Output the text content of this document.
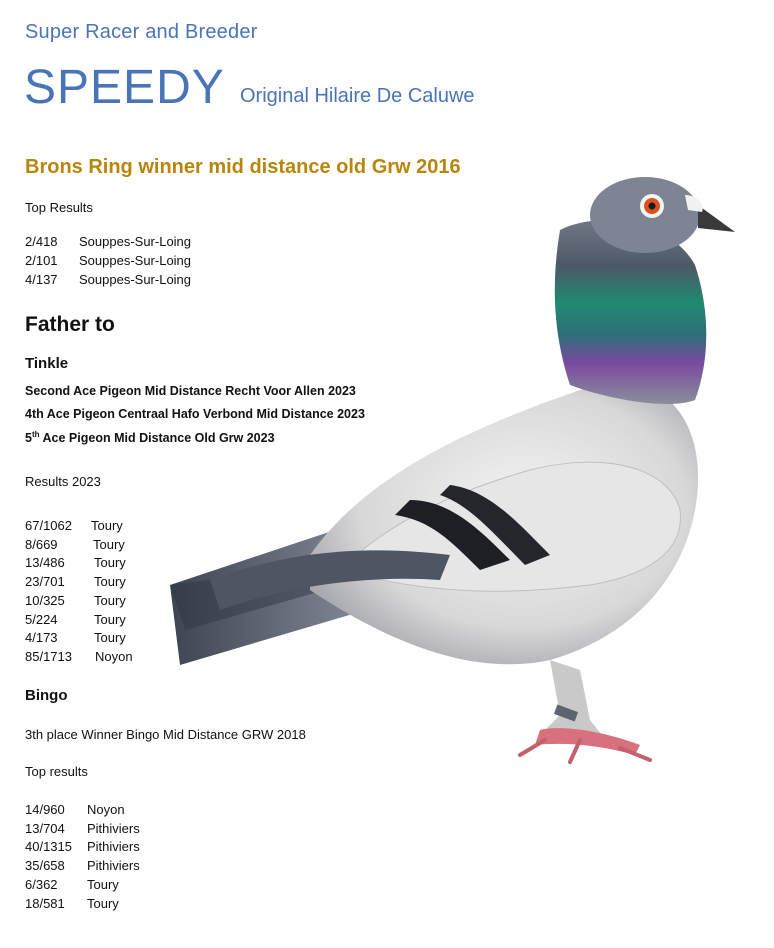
Super Racer and Breeder
SPEEDY Original Hilaire De Caluwe
Brons Ring winner mid distance old Grw 2016
Top Results
2/418	Souppes-Sur-Loing
2/101	Souppes-Sur-Loing
4/137	Souppes-Sur-Loing
Father to
Tinkle
Second Ace Pigeon Mid Distance Recht Voor Allen 2023
4th Ace Pigeon Centraal Hafo Verbond Mid Distance 2023
5th Ace Pigeon Mid Distance Old Grw 2023
Results 2023
67/1062 Toury
8/669	Toury
13/486 Toury
23/701 Toury
10/325 Toury
5/224	Toury
4/173	Toury
85/1713 Noyon
Bingo
3th place Winner Bingo Mid Distance GRW 2018
Top results
14/960 Noyon
13/704 Pithiviers
40/1315 Pithiviers
35/658 Pithiviers
6/362 Toury
18/581 Toury
